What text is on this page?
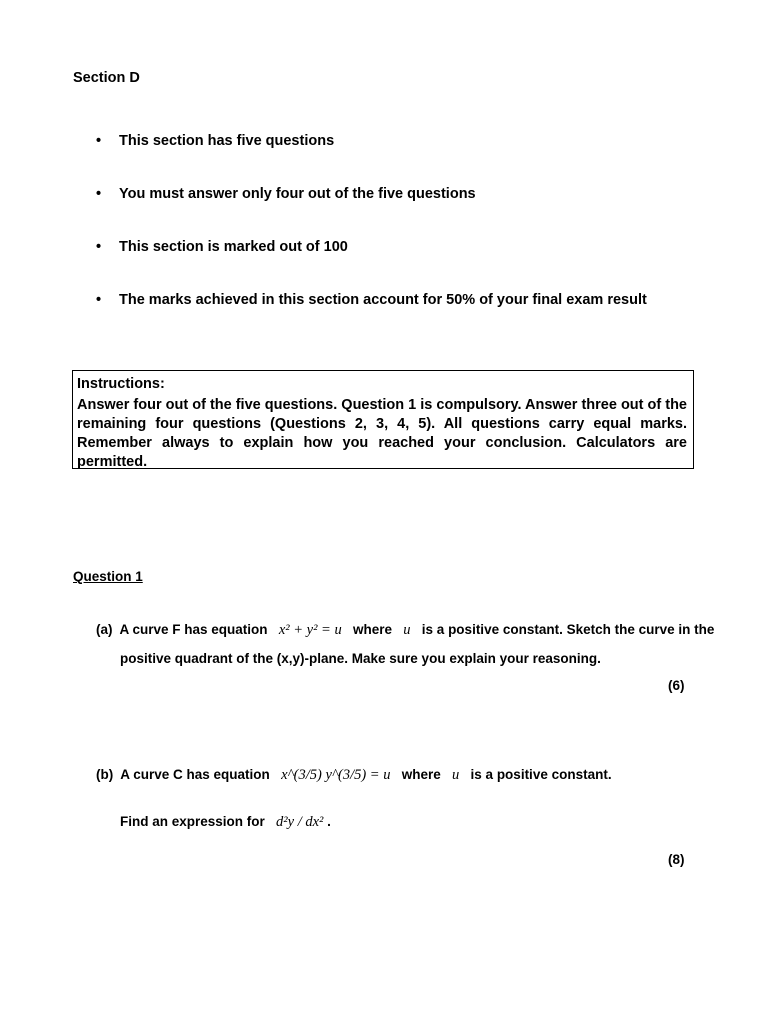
Section D
•	This section has five questions
•	You must answer only four out of the five questions
•	This section is marked out of 100
•	The marks achieved in this section account for 50% of your final exam result
Instructions:
Answer four out of the five questions. Question 1 is compulsory. Answer three out of the remaining four questions (Questions 2, 3, 4, 5). All questions carry equal marks. Remember always to explain how you reached your conclusion. Calculators are permitted.
Question 1
(a) A curve F has equation x² + y² = u where u is a positive constant. Sketch the curve in the
positive quadrant of the (x,y)-plane. Make sure you explain your reasoning.
(6)
(b) A curve C has equation x^(3/5) y^(3/5) = u where u is a positive constant.
Find an expression for d²y / dx² .
(8)
